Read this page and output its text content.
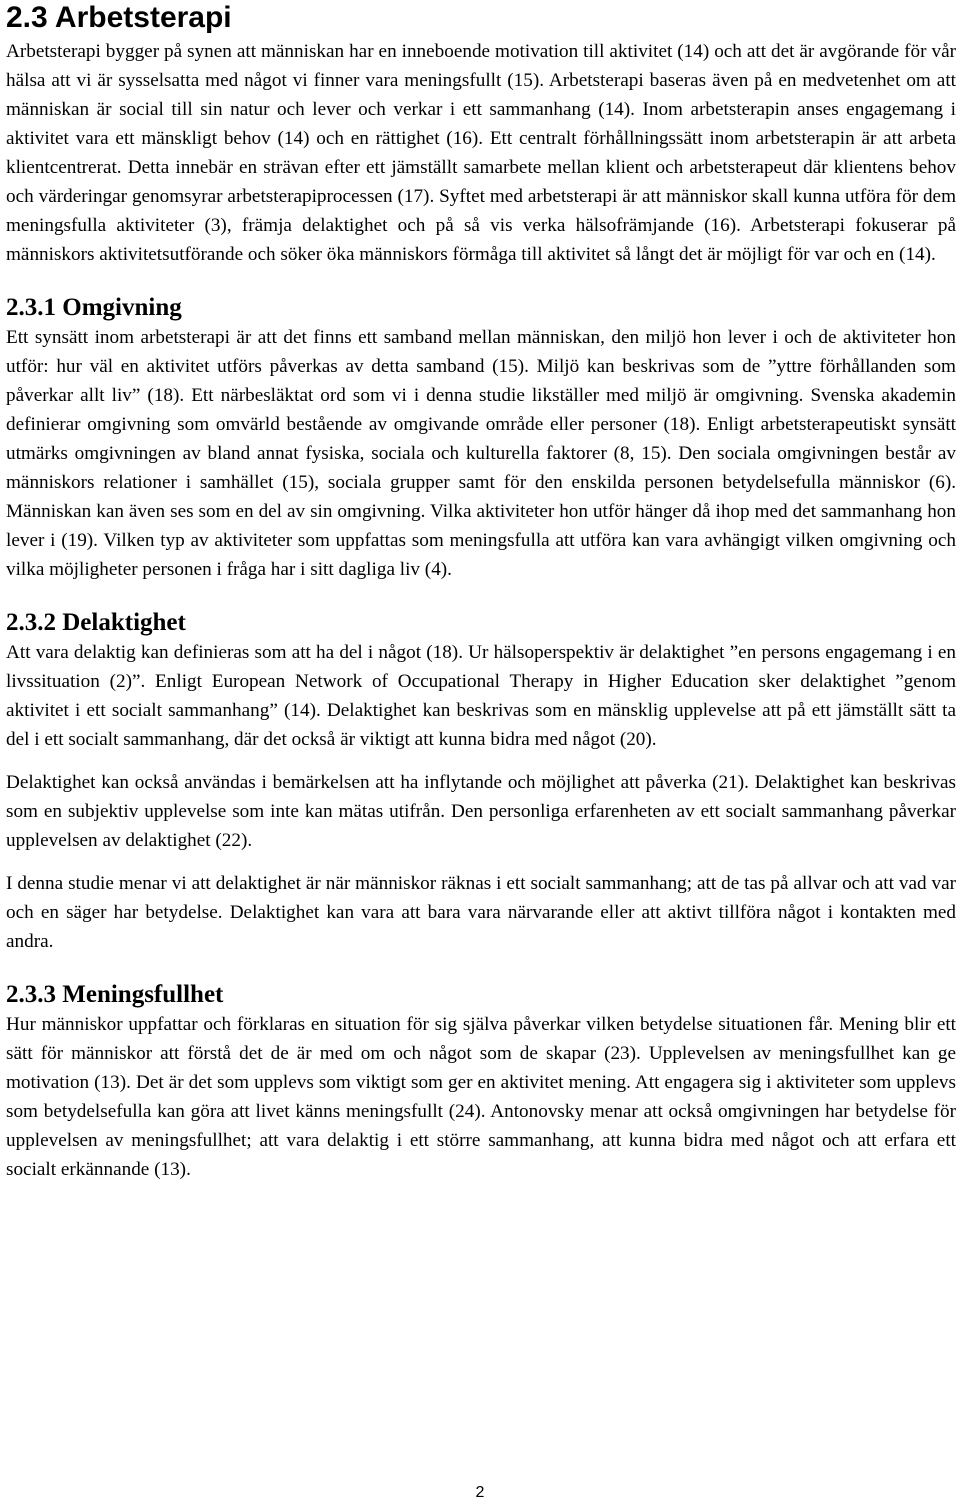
2.3 Arbetsterapi

Arbetsterapi bygger på synen att människan har en inneboende motivation till aktivitet (14) och att det är avgörande för vår hälsa att vi är sysselsatta med något vi finner vara meningsfullt (15). Arbetsterapi baseras även på en medvetenhet om att människan är social till sin natur och lever och verkar i ett sammanhang (14). Inom arbetsterapin anses engagemang i aktivitet vara ett mänskligt behov (14) och en rättighet (16). Ett centralt förhållningssätt inom arbetsterapin är att arbeta klientcentrerat. Detta innebär en strävan efter ett jämställt samarbete mellan klient och arbetsterapeut där klientens behov och värderingar genomsyrar arbetsterapiprocessen (17). Syftet med arbetsterapi är att människor skall kunna utföra för dem meningsfulla aktiviteter (3), främja delaktighet och på så vis verka hälsofrämjande (16). Arbetsterapi fokuserar på människors aktivitetsutförande och söker öka människors förmåga till aktivitet så långt det är möjligt för var och en (14).

2.3.1 Omgivning

Ett synsätt inom arbetsterapi är att det finns ett samband mellan människan, den miljö hon lever i och de aktiviteter hon utför: hur väl en aktivitet utförs påverkas av detta samband (15). Miljö kan beskrivas som de ”yttre förhållanden som påverkar allt liv” (18). Ett närbesläktat ord som vi i denna studie likställer med miljö är omgivning. Svenska akademin definierar omgivning som omvärld bestående av omgivande område eller personer (18). Enligt arbetsterapeutiskt synsätt utmärks omgivningen av bland annat fysiska, sociala och kulturella faktorer (8, 15). Den sociala omgivningen består av människors relationer i samhället (15), sociala grupper samt för den enskilda personen betydelsefulla människor (6). Människan kan även ses som en del av sin omgivning. Vilka aktiviteter hon utför hänger då ihop med det sammanhang hon lever i (19). Vilken typ av aktiviteter som uppfattas som meningsfulla att utföra kan vara avhängigt vilken omgivning och vilka möjligheter personen i fråga har i sitt dagliga liv (4).

2.3.2 Delaktighet

Att vara delaktig kan definieras som att ha del i något (18). Ur hälsoperspektiv är delaktighet ”en persons engagemang i en livssituation (2)”. Enligt European Network of Occupational Therapy in Higher Education sker delaktighet ”genom aktivitet i ett socialt sammanhang” (14). Delaktighet kan beskrivas som en mänsklig upplevelse att på ett jämställt sätt ta del i ett socialt sammanhang, där det också är viktigt att kunna bidra med något (20).

Delaktighet kan också användas i bemärkelsen att ha inflytande och möjlighet att påverka (21). Delaktighet kan beskrivas som en subjektiv upplevelse som inte kan mätas utifrån. Den personliga erfarenheten av ett socialt sammanhang påverkar upplevelsen av delaktighet (22).

I denna studie menar vi att delaktighet är när människor räknas i ett socialt sammanhang; att de tas på allvar och att vad var och en säger har betydelse. Delaktighet kan vara att bara vara närvarande eller att aktivt tillföra något i kontakten med andra.

2.3.3 Meningsfullhet

Hur människor uppfattar och förklaras en situation för sig själva påverkar vilken betydelse situationen får. Mening blir ett sätt för människor att förstå det de är med om och något som de skapar (23). Upplevelsen av meningsfullhet kan ge motivation (13). Det är det som upplevs som viktigt som ger en aktivitet mening. Att engagera sig i aktiviteter som upplevs som betydelsefulla kan göra att livet känns meningsfullt (24). Antonovsky menar att också omgivningen har betydelse för upplevelsen av meningsfullhet; att vara delaktig i ett större sammanhang, att kunna bidra med något och att erfara ett socialt erkännande (13).

2
